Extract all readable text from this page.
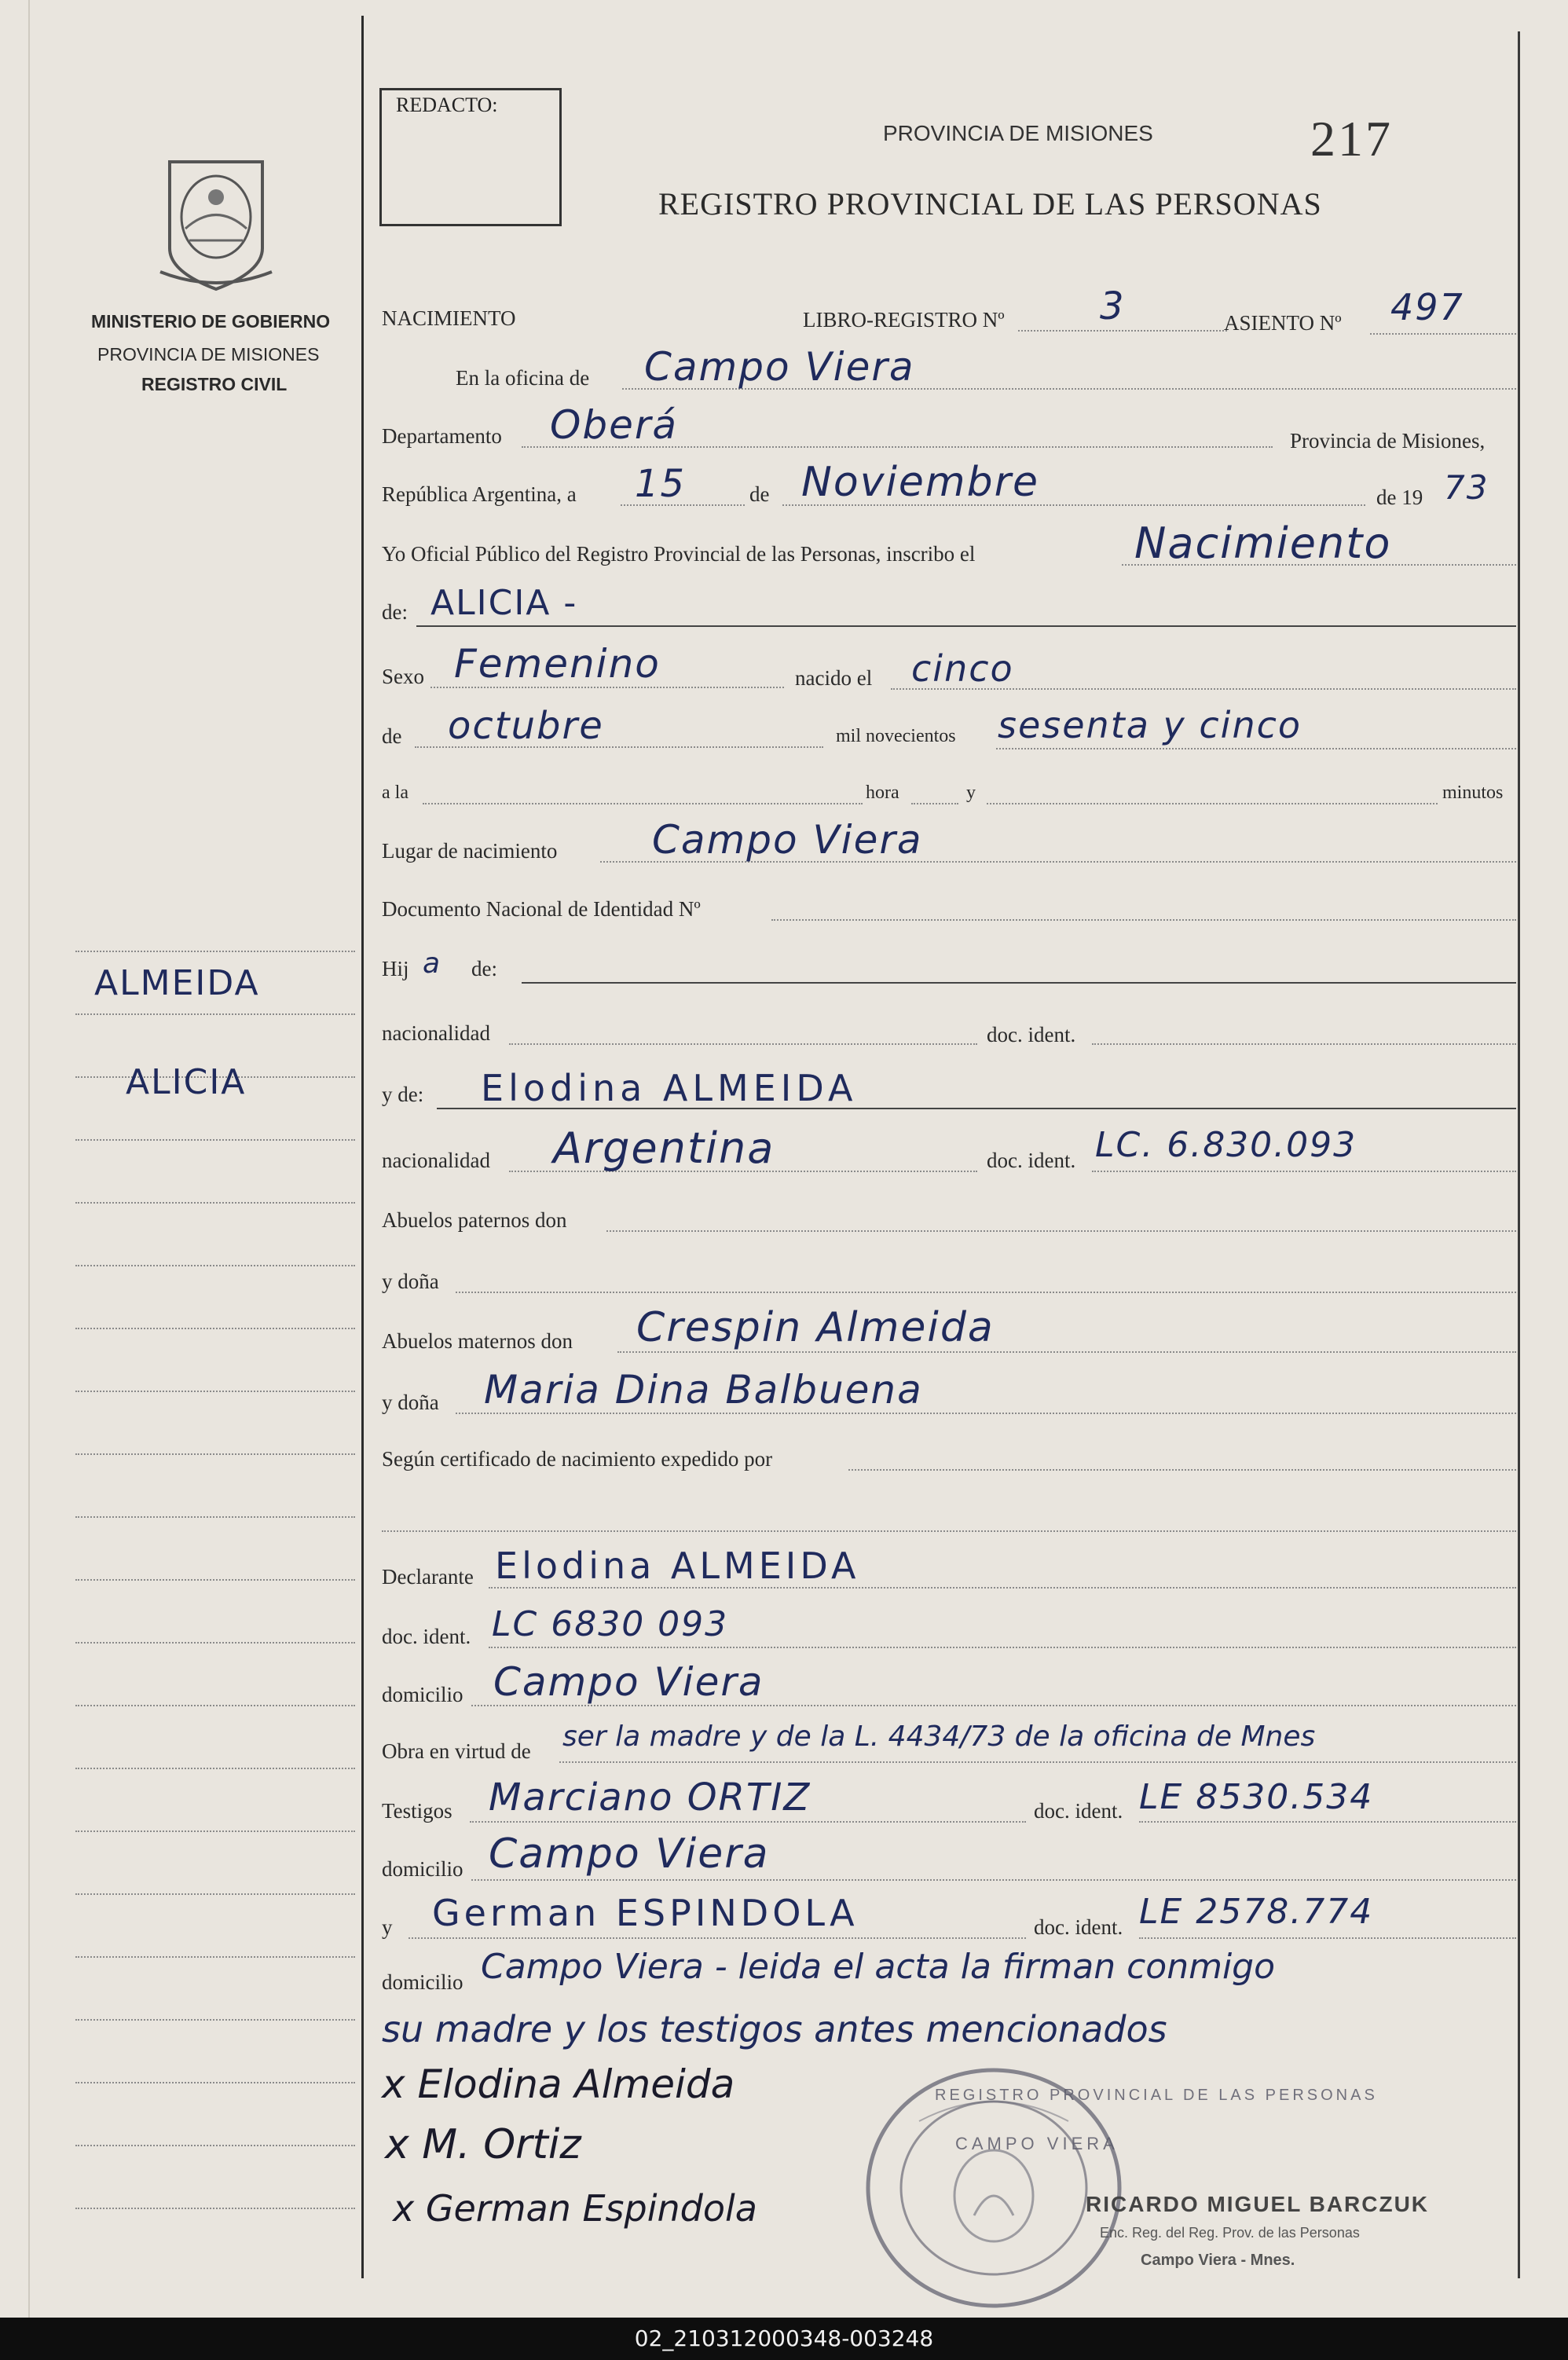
REDACTO:
PROVINCIA DE MISIONES	217
REGISTRO PROVINCIAL DE LAS PERSONAS
MINISTERIO DE GOBIERNO
PROVINCIA DE MISIONES
REGISTRO CIVIL
ALMEIDA
ALICIA
NACIMIENTO	LIBRO-REGISTRO Nº	3	ASIENTO Nº 497
En la oficina de Campo Viera
Departamento Oberá	Provincia de Misiones,
República Argentina, a 15	de Noviembre	de 19 73
Yo Oficial Público del Registro Provincial de las Personas, inscribo el	Nacimiento
de: ALICIA -
Sexo Femenino	nacido el cinco
de octubre	mil novecientos sesenta y cinco
a la	hora	y	minutos
Lugar de nacimiento Campo Viera
Documento Nacional de Identidad Nº
Hij a de:
nacionalidad	doc. ident.
y de: Elodina ALMEIDA
nacionalidad Argentina	doc. ident. LC. 6.830.093
Abuelos paternos don
y doña
Abuelos maternos don Crespin Almeida
y doña Maria Dina Balbuena
Según certificado de nacimiento expedido por
Declarante Elodina ALMEIDA
doc. ident. LC 6830 093
domicilio Campo Viera
Obra en virtud de ser la madre y de la L. 4434/73 de la oficina de Mnes
Testigos Marciano ORTIZ	doc. ident. LE 8530.534
domicilio Campo Viera
y German ESPINDOLA	doc. ident. LE 2578.774
domicilio Campo Viera - leida el acta la firman conmigo
su madre y los testigos antes mencionados
x Elodina Almeida
x M. Ortiz
x German Espindola
REGISTRO PROVINCIAL DE LAS PERSONAS
CAMPO VIERA
RICARDO MIGUEL BARCZUK
Enc. Reg. del Reg. Prov. de las Personas
Campo Viera - Mnes.
02_210312000348-003248
